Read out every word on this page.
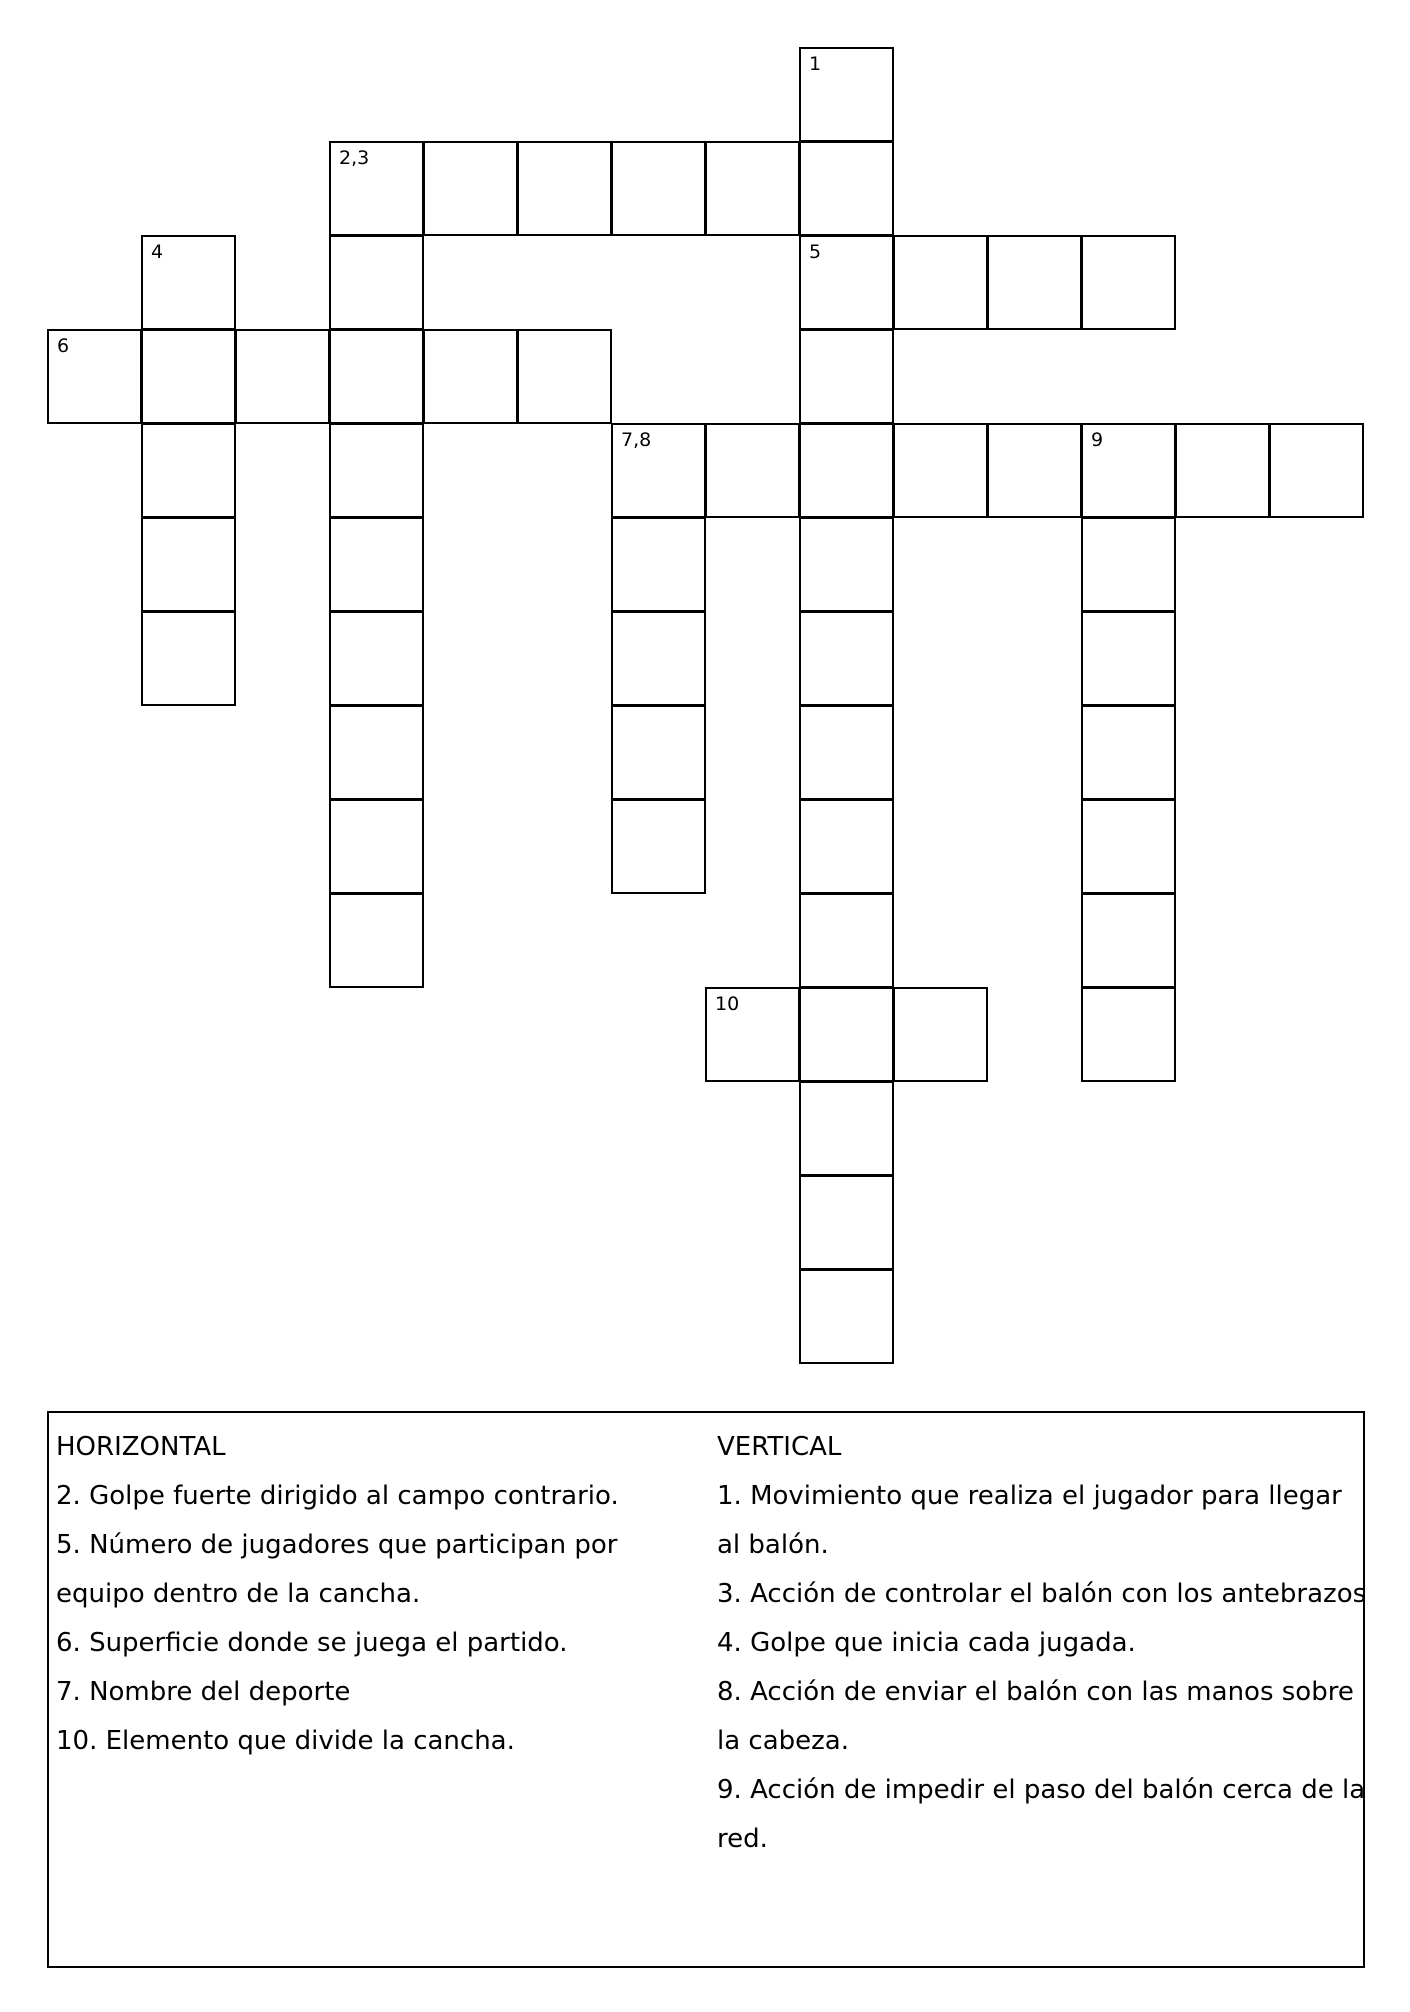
1
5
2,3
4
6
7,8	9
10
HORIZONTAL
2. Golpe fuerte dirigido al campo contrario.
5. Número de jugadores que participan por equipo dentro de la cancha.
6. Superficie donde se juega el partido.
7. Nombre del deporte
10. Elemento que divide la cancha.
VERTICAL
1. Movimiento que realiza el jugador para llegar al balón.
3. Acción de controlar el balón con los antebrazos
4. Golpe que inicia cada jugada.
8. Acción de enviar el balón con las manos sobre la cabeza.
9. Acción de impedir el paso del balón cerca de la red.
